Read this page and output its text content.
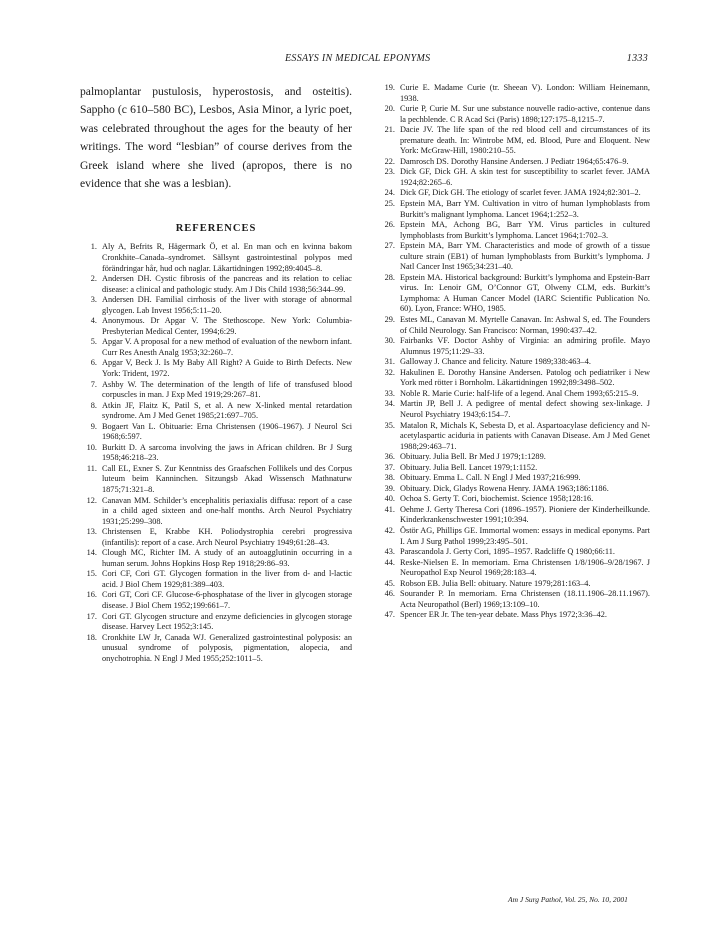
ESSAYS IN MEDICAL EPONYMS	1333

palmoplantar pustulosis, hyperostosis, and osteitis). Sappho (c 610–580 BC), Lesbos, Asia Minor, a lyric poet, was celebrated throughout the ages for the beauty of her writings. The word “lesbian” of course derives from the Greek island where she lived (apropos, there is no evidence that she was a lesbian).

REFERENCES
1. Aly A, Befrits R, Hägermark Ö, et al. En man och en kvinna bakom Cronkhite–Canada–syndromet. Sällsynt gastrointestinal polypos med förändringar hår, hud och naglar. Läkartidningen 1992;89:4045–8.
2. Andersen DH. Cystic fibrosis of the pancreas and its relation to celiac disease: a clinical and pathologic study. Am J Dis Child 1938;56:344–99.
3. Andersen DH. Familial cirrhosis of the liver with storage of abnormal glycogen. Lab Invest 1956;5:11–20.
4. Anonymous. Dr Apgar V. The Stethoscope. New York: Columbia-Presbyterian Medical Center, 1994;6:29.
5. Apgar V. A proposal for a new method of evaluation of the newborn infant. Curr Res Anesth Analg 1953;32:260–7.
6. Apgar V, Beck J. Is My Baby All Right? A Guide to Birth Defects. New York: Trident, 1972.
7. Ashby W. The determination of the length of life of transfused blood corpuscles in man. J Exp Med 1919;29:267–81.
8. Atkin JF, Flaitz K, Patil S, et al. A new X-linked mental retardation syndrome. Am J Med Genet 1985;21:697–705.
9. Bogaert Van L. Obituarie: Erna Christensen (1906–1967). J Neurol Sci 1968;6:597.
10. Burkitt D. A sarcoma involving the jaws in African children. Br J Surg 1958;46:218–23.
11. Call EL, Exner S. Zur Kenntniss des Graafschen Follikels und des Corpus luteum beim Kanninchen. Sitzungsb Akad Wissensch Mathnaturw 1875;71:321–8.
12. Canavan MM. Schilder’s encephalitis periaxialis diffusa: report of a case in a child aged sixteen and one-half months. Arch Neurol Psychiatry 1931;25:299–308.
13. Christensen E, Krabbe KH. Poliodystrophia cerebri progressiva (infantilis): report of a case. Arch Neurol Psychiatry 1949;61:28–43.
14. Clough MC, Richter IM. A study of an autoagglutinin occurring in a human serum. Johns Hopkins Hosp Rep 1918;29:86–93.
15. Cori CF, Cori GT. Glycogen formation in the liver from d- and l-lactic acid. J Biol Chem 1929;81:389–403.
16. Cori GT, Cori CF. Glucose-6-phosphatase of the liver in glycogen storage disease. J Biol Chem 1952;199:661–7.
17. Cori GT. Glycogen structure and enzyme deficiencies in glycogen storage disease. Harvey Lect 1952;3:145.
18. Cronkhite LW Jr, Canada WJ. Generalized gastrointestinal polyposis: an unusual syndrome of polyposis, pigmentation, alopecia, and onychotrophia. N Engl J Med 1955;252:1011–5.
19. Curie E. Madame Curie (tr. Sheean V). London: William Heinemann, 1938.
20. Curie P, Curie M. Sur une substance nouvelle radio-active, contenue dans la pechblende. C R Acad Sci (Paris) 1898;127:175–8,1215–7.
21. Dacie JV. The life span of the red blood cell and circumstances of its premature death. In: Wintrobe MM, ed. Blood, Pure and Eloquent. New York: McGraw-Hill, 1980:210–55.
22. Damrosch DS. Dorothy Hansine Andersen. J Pediatr 1964;65:476–9.
23. Dick GF, Dick GH. A skin test for susceptibility to scarlet fever. JAMA 1924;82:265–6.
24. Dick GF, Dick GH. The etiology of scarlet fever. JAMA 1924;82:301–2.
25. Epstein MA, Barr YM. Cultivation in vitro of human lymphoblasts from Burkitt’s malignant lymphoma. Lancet 1964;1:252–3.
26. Epstein MA, Achong BG, Barr YM. Virus particles in cultured lymphoblasts from Burkitt’s lymphoma. Lancet 1964;1:702–3.
27. Epstein MA, Barr YM. Characteristics and mode of growth of a tissue culture strain (EB1) of human lymphoblasts from Burkitt’s lymphoma. J Natl Cancer Inst 1965;34:231–40.
28. Epstein MA. Historical background: Burkitt’s lymphoma and Epstein-Barr virus. In: Lenoir GM, O’Connor GT, Olweny CLM, eds. Burkitt’s Lymphoma: A Human Cancer Model (IARC Scientific Publication No. 60). Lyon, France: WHO, 1985.
29. Estes ML, Canavan M. Myrtelle Canavan. In: Ashwal S, ed. The Founders of Child Neurology. San Francisco: Norman, 1990:437–42.
30. Fairbanks VF. Doctor Ashby of Virginia: an admiring profile. Mayo Alumnus 1975;11:29–33.
31. Galloway J. Chance and felicity. Nature 1989;338:463–4.
32. Hakulinen E. Dorothy Hansine Andersen. Patolog och pediatriker i New York med rötter i Bornholm. Läkartidningen 1992;89:3498–502.
33. Noble R. Marie Curie: half-life of a legend. Anal Chem 1993;65:215–9.
34. Martin JP, Bell J. A pedigree of mental defect showing sex-linkage. J Neurol Psychiatry 1943;6:154–7.
35. Matalon R, Michals K, Sebesta D, et al. Aspartoacylase deficiency and N-acetylaspartic aciduria in patients with Canavan Disease. Am J Med Genet 1988;29:463–71.
36. Obituary. Julia Bell. Br Med J 1979;1:1289.
37. Obituary. Julia Bell. Lancet 1979;1:1152.
38. Obituary. Emma L. Call. N Engl J Med 1937;216:999.
39. Obituary. Dick, Gladys Rowena Henry. JAMA 1963;186:1186.
40. Ochoa S. Gerty T. Cori, biochemist. Science 1958;128:16.
41. Oehme J. Gerty Theresa Cori (1896–1957). Pioniere der Kinderheilkunde. Kinderkrankenschwester 1991;10:394.
42. Östör AG, Phillips GE. Immortal women: essays in medical eponyms. Part I. Am J Surg Pathol 1999;23:495–501.
43. Parascandola J. Gerty Cori, 1895–1957. Radcliffe Q 1980;66:11.
44. Reske-Nielsen E. In memoriam. Erna Christensen 1/8/1906–9/28/1967. J Neuropathol Exp Neurol 1969;28:183–4.
45. Robson EB. Julia Bell: obituary. Nature 1979;281:163–4.
46. Sourander P. In memoriam. Erna Christensen (18.11.1906–28.11.1967). Acta Neuropathol (Berl) 1969;13:109–10.
47. Spencer ER Jr. The ten-year debate. Mass Phys 1972;3:36–42.
Am J Surg Pathol, Vol. 25, No. 10, 2001
